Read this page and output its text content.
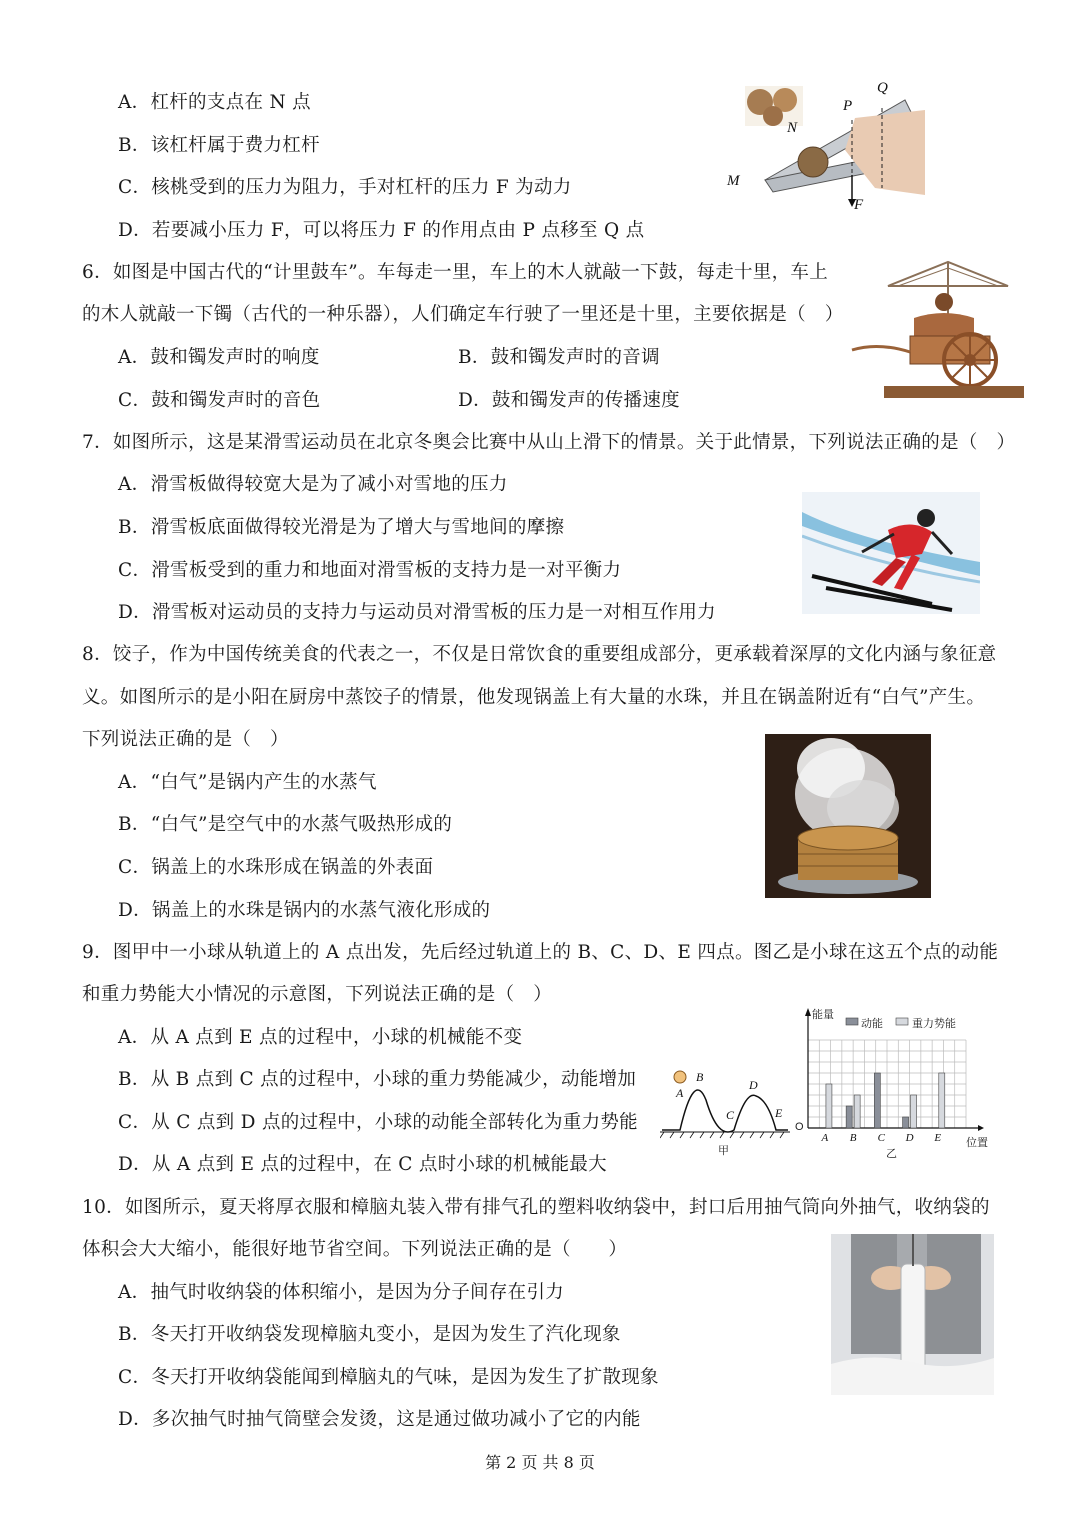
A．杠杆的支点在 N 点
B．该杠杆属于费力杠杆
C．核桃受到的压力为阻力，手对杠杆的压力 F 为动力
D．若要减小压力 F，可以将压力 F 的作用点由 P 点移至 Q 点
P
Q
N
M
F
6．如图是中国古代的“计里鼓车”。车每走一里，车上的木人就敲一下鼓，每走十里，车上
的木人就敲一下镯（古代的一种乐器），人们确定车行驶了一里还是十里，主要依据是（　）
A．鼓和镯发声时的响度	B．鼓和镯发声时的音调
C．鼓和镯发声时的音色	D．鼓和镯发声的传播速度
7．如图所示，这是某滑雪运动员在北京冬奥会比赛中从山上滑下的情景。关于此情景，下列说法正确的是（　）
A．滑雪板做得较宽大是为了减小对雪地的压力
B．滑雪板底面做得较光滑是为了增大与雪地间的摩擦
C．滑雪板受到的重力和地面对滑雪板的支持力是一对平衡力
D．滑雪板对运动员的支持力与运动员对滑雪板的压力是一对相互作用力
8．饺子，作为中国传统美食的代表之一，不仅是日常饮食的重要组成部分，更承载着深厚的文化内涵与象征意
义。如图所示的是小阳在厨房中蒸饺子的情景，他发现锅盖上有大量的水珠，并且在锅盖附近有“白气”产生。
下列说法正确的是（　）
A．“白气”是锅内产生的水蒸气
B．“白气”是空气中的水蒸气吸热形成的
C．锅盖上的水珠形成在锅盖的外表面
D．锅盖上的水珠是锅内的水蒸气液化形成的
9．图甲中一小球从轨道上的 A 点出发，先后经过轨道上的 B、C、D、E 四点。图乙是小球在这五个点的动能
和重力势能大小情况的示意图，下列说法正确的是（　）
A．从 A 点到 E 点的过程中，小球的机械能不变
B．从 B 点到 C 点的过程中，小球的重力势能减少，动能增加
C．从 C 点到 D 点的过程中，小球的动能全部转化为重力势能
D．从 A 点到 E 点的过程中，在 C 点时小球的机械能最大
A
B
C
D
E
甲
A B C D E
能量
动能	重力势能
O
位置
乙
10．如图所示，夏天将厚衣服和樟脑丸装入带有排气孔的塑料收纳袋中，封口后用抽气筒向外抽气，收纳袋的
体积会大大缩小，能很好地节省空间。下列说法正确的是（　　）
A．抽气时收纳袋的体积缩小，是因为分子间存在引力
B．冬天打开收纳袋发现樟脑丸变小，是因为发生了汽化现象
C．冬天打开收纳袋能闻到樟脑丸的气味，是因为发生了扩散现象
D．多次抽气时抽气筒壁会发烫，这是通过做功减小了它的内能
第 2 页 共 8 页
